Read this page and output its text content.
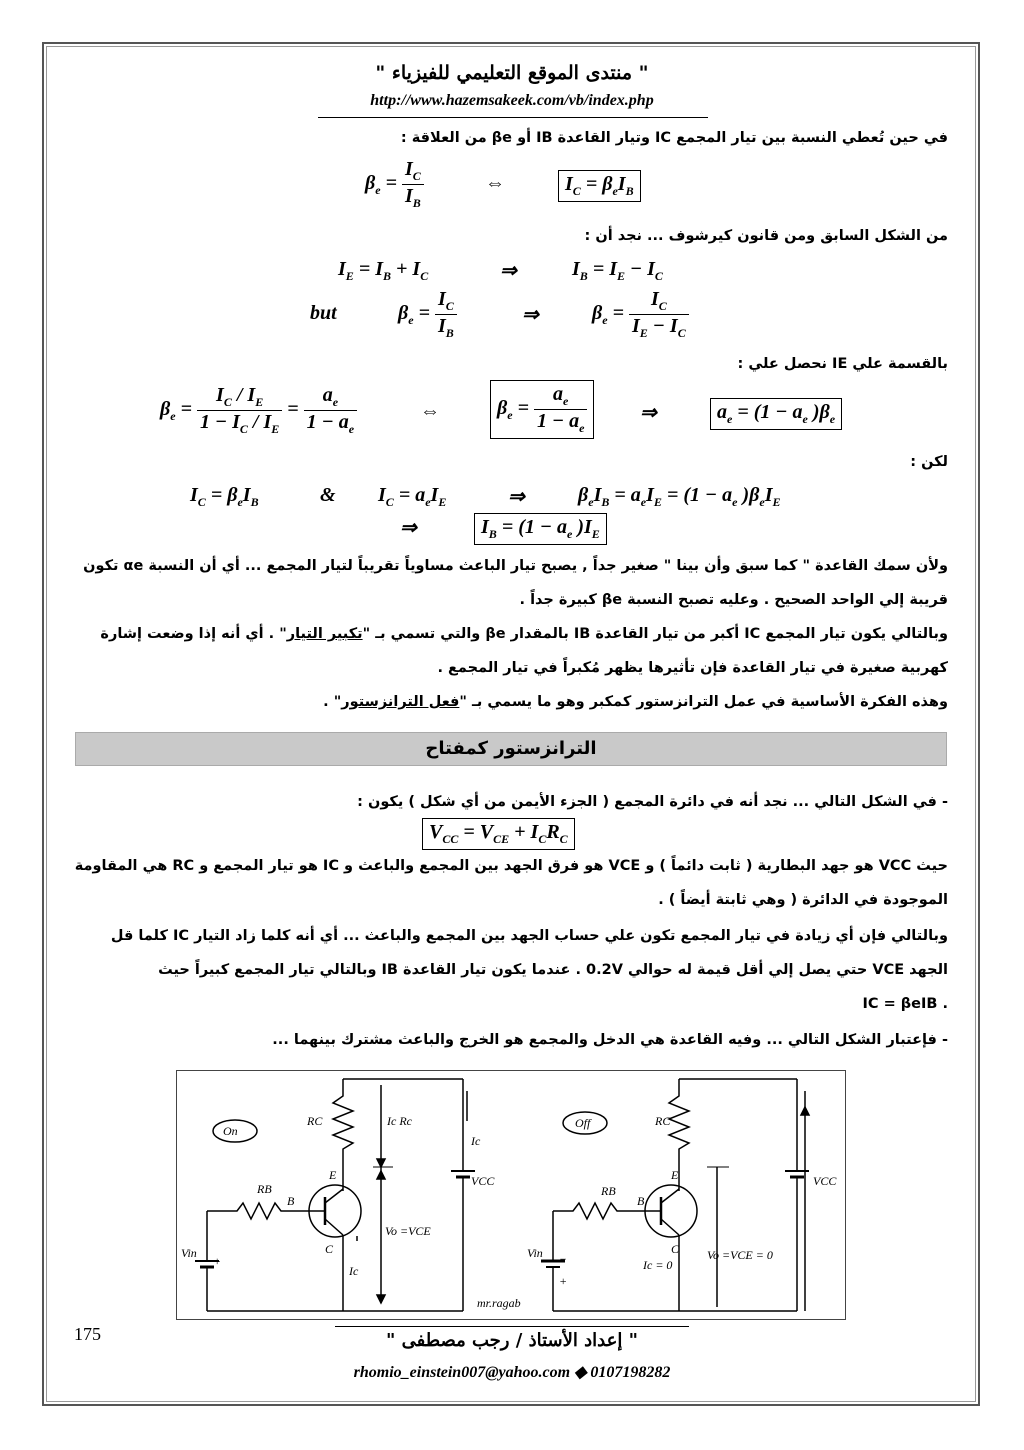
" منتدى الموقع التعليمي للفيزياء "
http://www.hazemsakeek.com/vb/index.php
في حين تُعطي النسبة بين تيار المجمع IC وتيار القاعدة IB أو βe من العلاقة :
$\beta_e = \frac{I_C}{I_B}$	⇔	$I_C = \beta_eI_B$
من الشكل السابق ومن قانون كيرشوف ... نجد أن :
$I_E = I_B + I_C$	⇒	$I_B = I_E - I_C$
but	$\beta_e = \frac{I_C}{I_B}$	⇒	$\beta_e = \frac{I_C}{I_E - I_C}$
بالقسمة علي IE نحصل علي :
$\beta_e = \frac{I_C / I_E}{1 - I_C / I_E} = \frac{a_e}{1 - a_e}$	⇔	$\beta_e = \frac{a_e}{1 - a_e}$	⇒	$a_e = (1 - a_e$ )$\beta_e$
لكن :
$I_C = \beta_eI_B$	& $I_C = a_eI_E$	⇒	$\beta_eI_B = a_eI_E = (1 - a_e$ )$\beta_eI_E$
⇒	$I_B = (1 - a_e$ )$I_E$
ولأن سمك القاعدة " كما سبق وأن بينا " صغير جداً , يصبح تيار الباعث مساوياً تقريباً لتيار المجمع ... أي أن النسبة αe تكون
قريبة إلي الواحد الصحيح . وعليه تصبح النسبة βe كبيرة جداً .
وبالتالي يكون تيار المجمع IC أكبر من تيار القاعدة IB بالمقدار βe والتي تسمي بـ "تكبير التيار" . أي أنه إذا وضعت إشارة
كهربية صغيرة في تيار القاعدة فإن تأثيرها يظهر مُكبراً في تيار المجمع .
وهذه الفكرة الأساسية في عمل الترانزستور كمكبر وهو ما يسمي بـ "فعل الترانزستور" .
الترانزستور كمفتاح
- في الشكل التالي ... نجد أنه في دائرة المجمع ( الجزء الأيمن من أي شكل ) يكون :
$V_{CC} = V_{CE} + I_CR_C$
حيث VCC هو جهد البطارية ( ثابت دائماً ) و VCE هو فرق الجهد بين المجمع والباعث و IC هو تيار المجمع و RC هي المقاومة
الموجودة في الدائرة ( وهي ثابتة أيضاً ) .
وبالتالي فإن أي زيادة في تيار المجمع تكون علي حساب الجهد بين المجمع والباعث ... أي أنه كلما زاد التيار IC كلما قل
الجهد VCE حتي يصل إلي أقل قيمة له حوالي 0.2V . عندما يكون تيار القاعدة IB وبالتالي تيار المجمع كبيراً حيث
. IC = βeIB
- فإعتبار الشكل التالي ... وفيه القاعدة هي الدخل والمجمع هو الخرج والباعث مشترك بينهما ...
On
Off
RC	RC
RB	RB
B	B
E	E
C	C
Ic Rc
Ic
Ic	Ic = 0
VCC	VCC
Vin	Vin
+
+
−
Vo =VCE
Vo =VCE = 0
mr.ragab
175	" إعداد الأستاذ / رجب مصطفى "
rhomio_einstein007@yahoo.com ◆ 0107198282
